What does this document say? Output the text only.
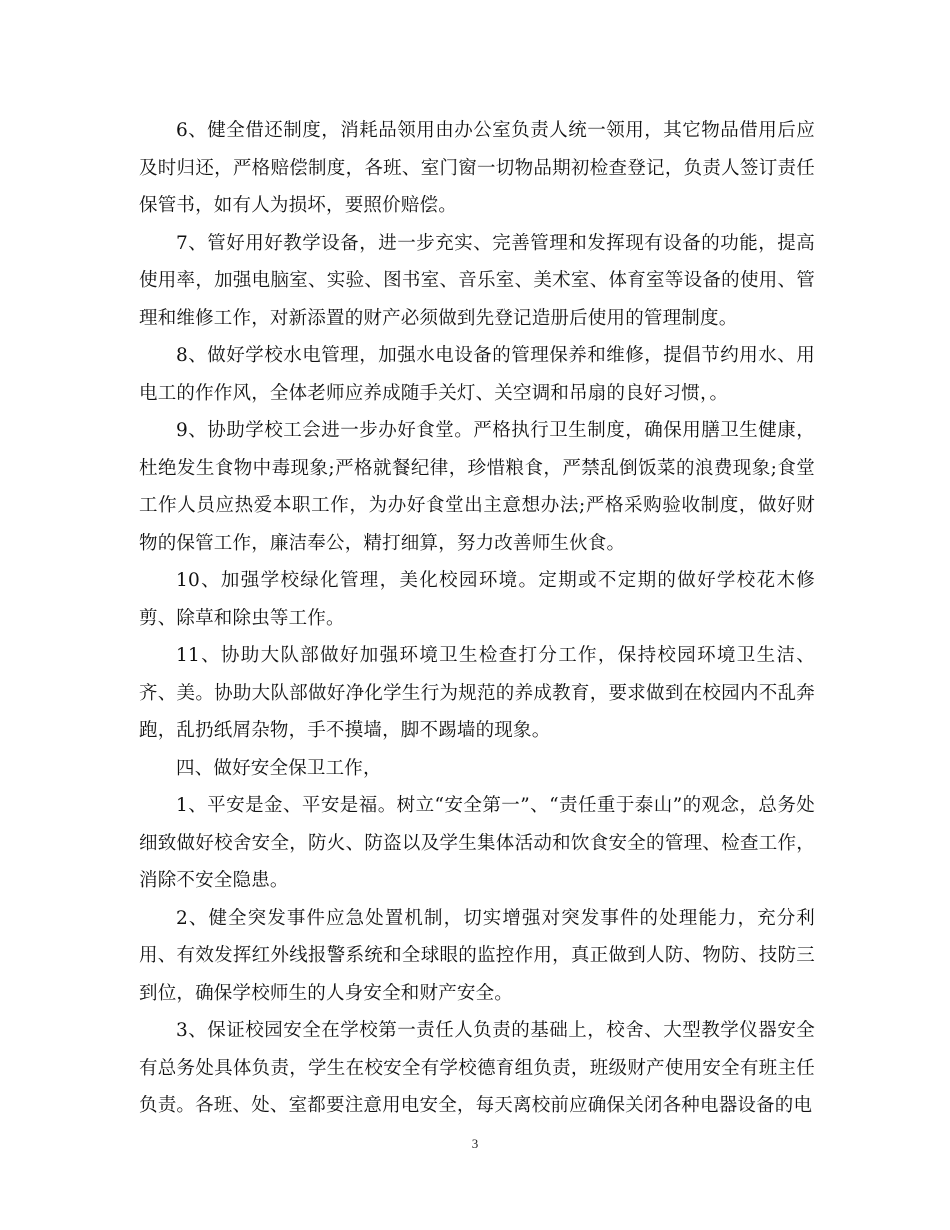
6、健全借还制度，消耗品领用由办公室负责人统一领用，其它物品借用后应及时归还，严格赔偿制度，各班、室门窗一切物品期初检查登记，负责人签订责任保管书，如有人为损坏，要照价赔偿。

7、管好用好教学设备，进一步充实、完善管理和发挥现有设备的功能，提高使用率，加强电脑室、实验、图书室、音乐室、美术室、体育室等设备的使用、管理和维修工作，对新添置的财产必须做到先登记造册后使用的管理制度。

8、做好学校水电管理，加强水电设备的管理保养和维修，提倡节约用水、用电工的作作风，全体老师应养成随手关灯、关空调和吊扇的良好习惯，。

9、协助学校工会进一步办好食堂。严格执行卫生制度，确保用膳卫生健康，杜绝发生食物中毒现象;严格就餐纪律，珍惜粮食，严禁乱倒饭菜的浪费现象;食堂工作人员应热爱本职工作，为办好食堂出主意想办法;严格采购验收制度，做好财物的保管工作，廉洁奉公，精打细算，努力改善师生伙食。

10、加强学校绿化管理，美化校园环境。定期或不定期的做好学校花木修剪、除草和除虫等工作。

11、协助大队部做好加强环境卫生检查打分工作，保持校园环境卫生洁、齐、美。协助大队部做好净化学生行为规范的养成教育，要求做到在校园内不乱奔跑，乱扔纸屑杂物，手不摸墙，脚不踢墙的现象。

四、做好安全保卫工作，

1、平安是金、平安是福。树立“安全第一”、“责任重于泰山”的观念，总务处细致做好校舍安全，防火、防盗以及学生集体活动和饮食安全的管理、检查工作，消除不安全隐患。

2、健全突发事件应急处置机制，切实增强对突发事件的处理能力，充分利用、有效发挥红外线报警系统和全球眼的监控作用，真正做到人防、物防、技防三到位，确保学校师生的人身安全和财产安全。

3、保证校园安全在学校第一责任人负责的基础上，校舍、大型教学仪器安全有总务处具体负责，学生在校安全有学校德育组负责，班级财产使用安全有班主任负责。各班、处、室都要注意用电安全，每天离校前应确保关闭各种电器设备的电

3
